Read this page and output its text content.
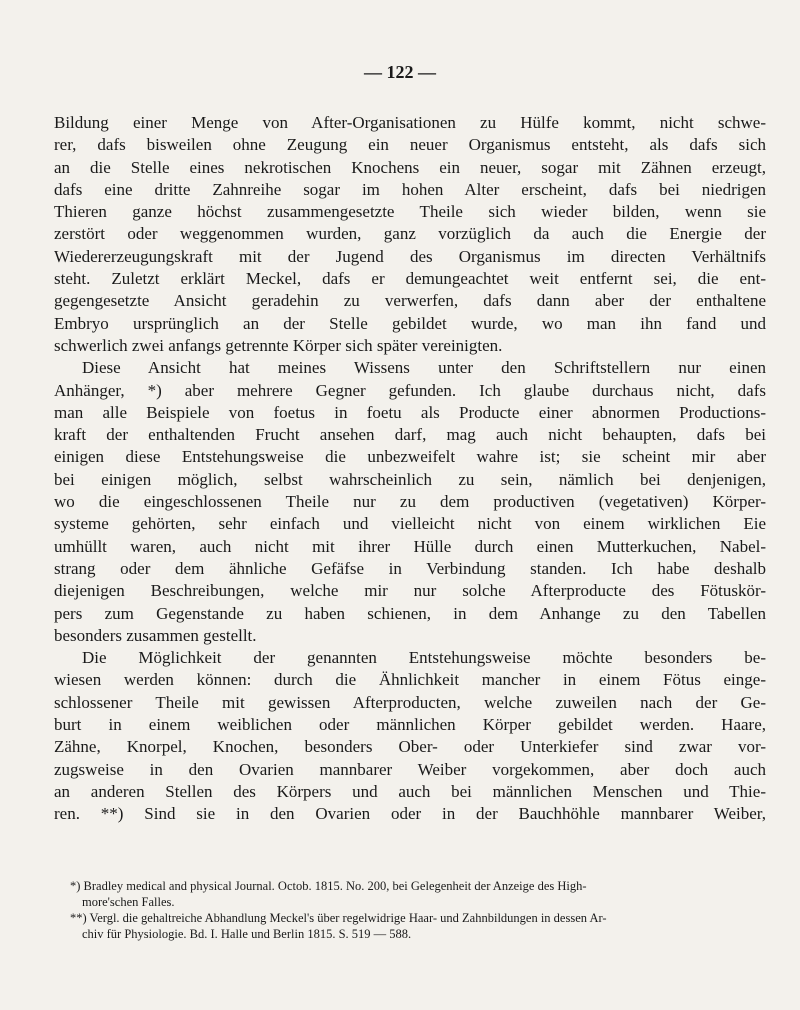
— 122 —
Bildung einer Menge von After-Organisationen zu Hülfe kommt, nicht schwe-
rer, dafs bisweilen ohne Zeugung ein neuer Organismus entsteht, als dafs sich
an die Stelle eines nekrotischen Knochens ein neuer, sogar mit Zähnen erzeugt,
dafs eine dritte Zahnreihe sogar im hohen Alter erscheint, dafs bei niedrigen
Thieren ganze höchst zusammengesetzte Theile sich wieder bilden, wenn sie
zerstört oder weggenommen wurden, ganz vorzüglich da auch die Energie der
Wiedererzeugungskraft mit der Jugend des Organismus im directen Verhältnifs
steht. Zuletzt erklärt Meckel, dafs er demungeachtet weit entfernt sei, die ent-
gegengesetzte Ansicht geradehin zu verwerfen, dafs dann aber der enthaltene
Embryo ursprünglich an der Stelle gebildet wurde, wo man ihn fand und
schwerlich zwei anfangs getrennte Körper sich später vereinigten.
Diese Ansicht hat meines Wissens unter den Schriftstellern nur einen
Anhänger, *) aber mehrere Gegner gefunden. Ich glaube durchaus nicht, dafs
man alle Beispiele von foetus in foetu als Producte einer abnormen Productions-
kraft der enthaltenden Frucht ansehen darf, mag auch nicht behaupten, dafs bei
einigen diese Entstehungsweise die unbezweifelt wahre ist; sie scheint mir aber
bei einigen möglich, selbst wahrscheinlich zu sein, nämlich bei denjenigen,
wo die eingeschlossenen Theile nur zu dem productiven (vegetativen) Körper-
systeme gehörten, sehr einfach und vielleicht nicht von einem wirklichen Eie
umhüllt waren, auch nicht mit ihrer Hülle durch einen Mutterkuchen, Nabel-
strang oder dem ähnliche Gefäfse in Verbindung standen. Ich habe deshalb
diejenigen Beschreibungen, welche mir nur solche Afterproducte des Fötuskör-
pers zum Gegenstande zu haben schienen, in dem Anhange zu den Tabellen
besonders zusammen gestellt.
Die Möglichkeit der genannten Entstehungsweise möchte besonders be-
wiesen werden können: durch die Ähnlichkeit mancher in einem Fötus einge-
schlossener Theile mit gewissen Afterproducten, welche zuweilen nach der Ge-
burt in einem weiblichen oder männlichen Körper gebildet werden. Haare,
Zähne, Knorpel, Knochen, besonders Ober- oder Unterkiefer sind zwar vor-
zugsweise in den Ovarien mannbarer Weiber vorgekommen, aber doch auch
an anderen Stellen des Körpers und auch bei männlichen Menschen und Thie-
ren. **) Sind sie in den Ovarien oder in der Bauchhöhle mannbarer Weiber,

*) Bradley medical and physical Journal. Octob. 1815. No. 200, bei Gelegenheit der Anzeige des High-

more'schen Falles.

**) Vergl. die gehaltreiche Abhandlung Meckel's über regelwidrige Haar- und Zahnbildungen in dessen Ar-

chiv für Physiologie. Bd. I. Halle und Berlin 1815. S. 519 — 588.
